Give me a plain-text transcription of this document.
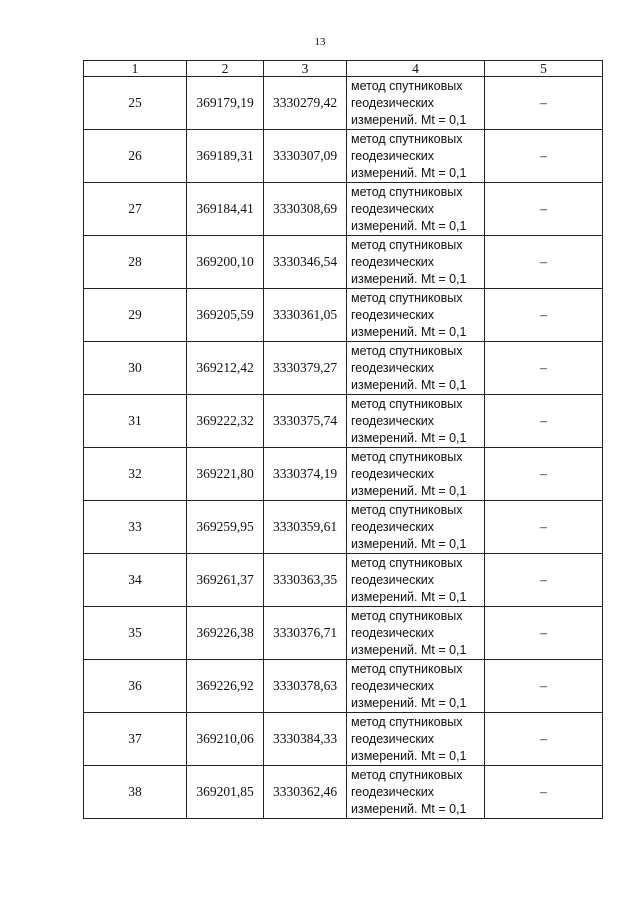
13
1	2	3	4	5
25	369179,19	3330279,42	метод спутниковых
геодезических
измерений. Mt = 0,1	–
26	369189,31	3330307,09	метод спутниковых
геодезических
измерений. Mt = 0,1	–
27	369184,41	3330308,69	метод спутниковых
геодезических
измерений. Mt = 0,1	–
28	369200,10	3330346,54	метод спутниковых
геодезических
измерений. Mt = 0,1	–
29	369205,59	3330361,05	метод спутниковых
геодезических
измерений. Mt = 0,1	–
30	369212,42	3330379,27	метод спутниковых
геодезических
измерений. Mt = 0,1	–
31	369222,32	3330375,74	метод спутниковых
геодезических
измерений. Mt = 0,1	–
32	369221,80	3330374,19	метод спутниковых
геодезических
измерений. Mt = 0,1	–
33	369259,95	3330359,61	метод спутниковых
геодезических
измерений. Mt = 0,1	–
34	369261,37	3330363,35	метод спутниковых
геодезических
измерений. Mt = 0,1	–
35	369226,38	3330376,71	метод спутниковых
геодезических
измерений. Mt = 0,1	–
36	369226,92	3330378,63	метод спутниковых
геодезических
измерений. Mt = 0,1	–
37	369210,06	3330384,33	метод спутниковых
геодезических
измерений. Mt = 0,1	–
38	369201,85	3330362,46	метод спутниковых
геодезических
измерений. Mt = 0,1	–
